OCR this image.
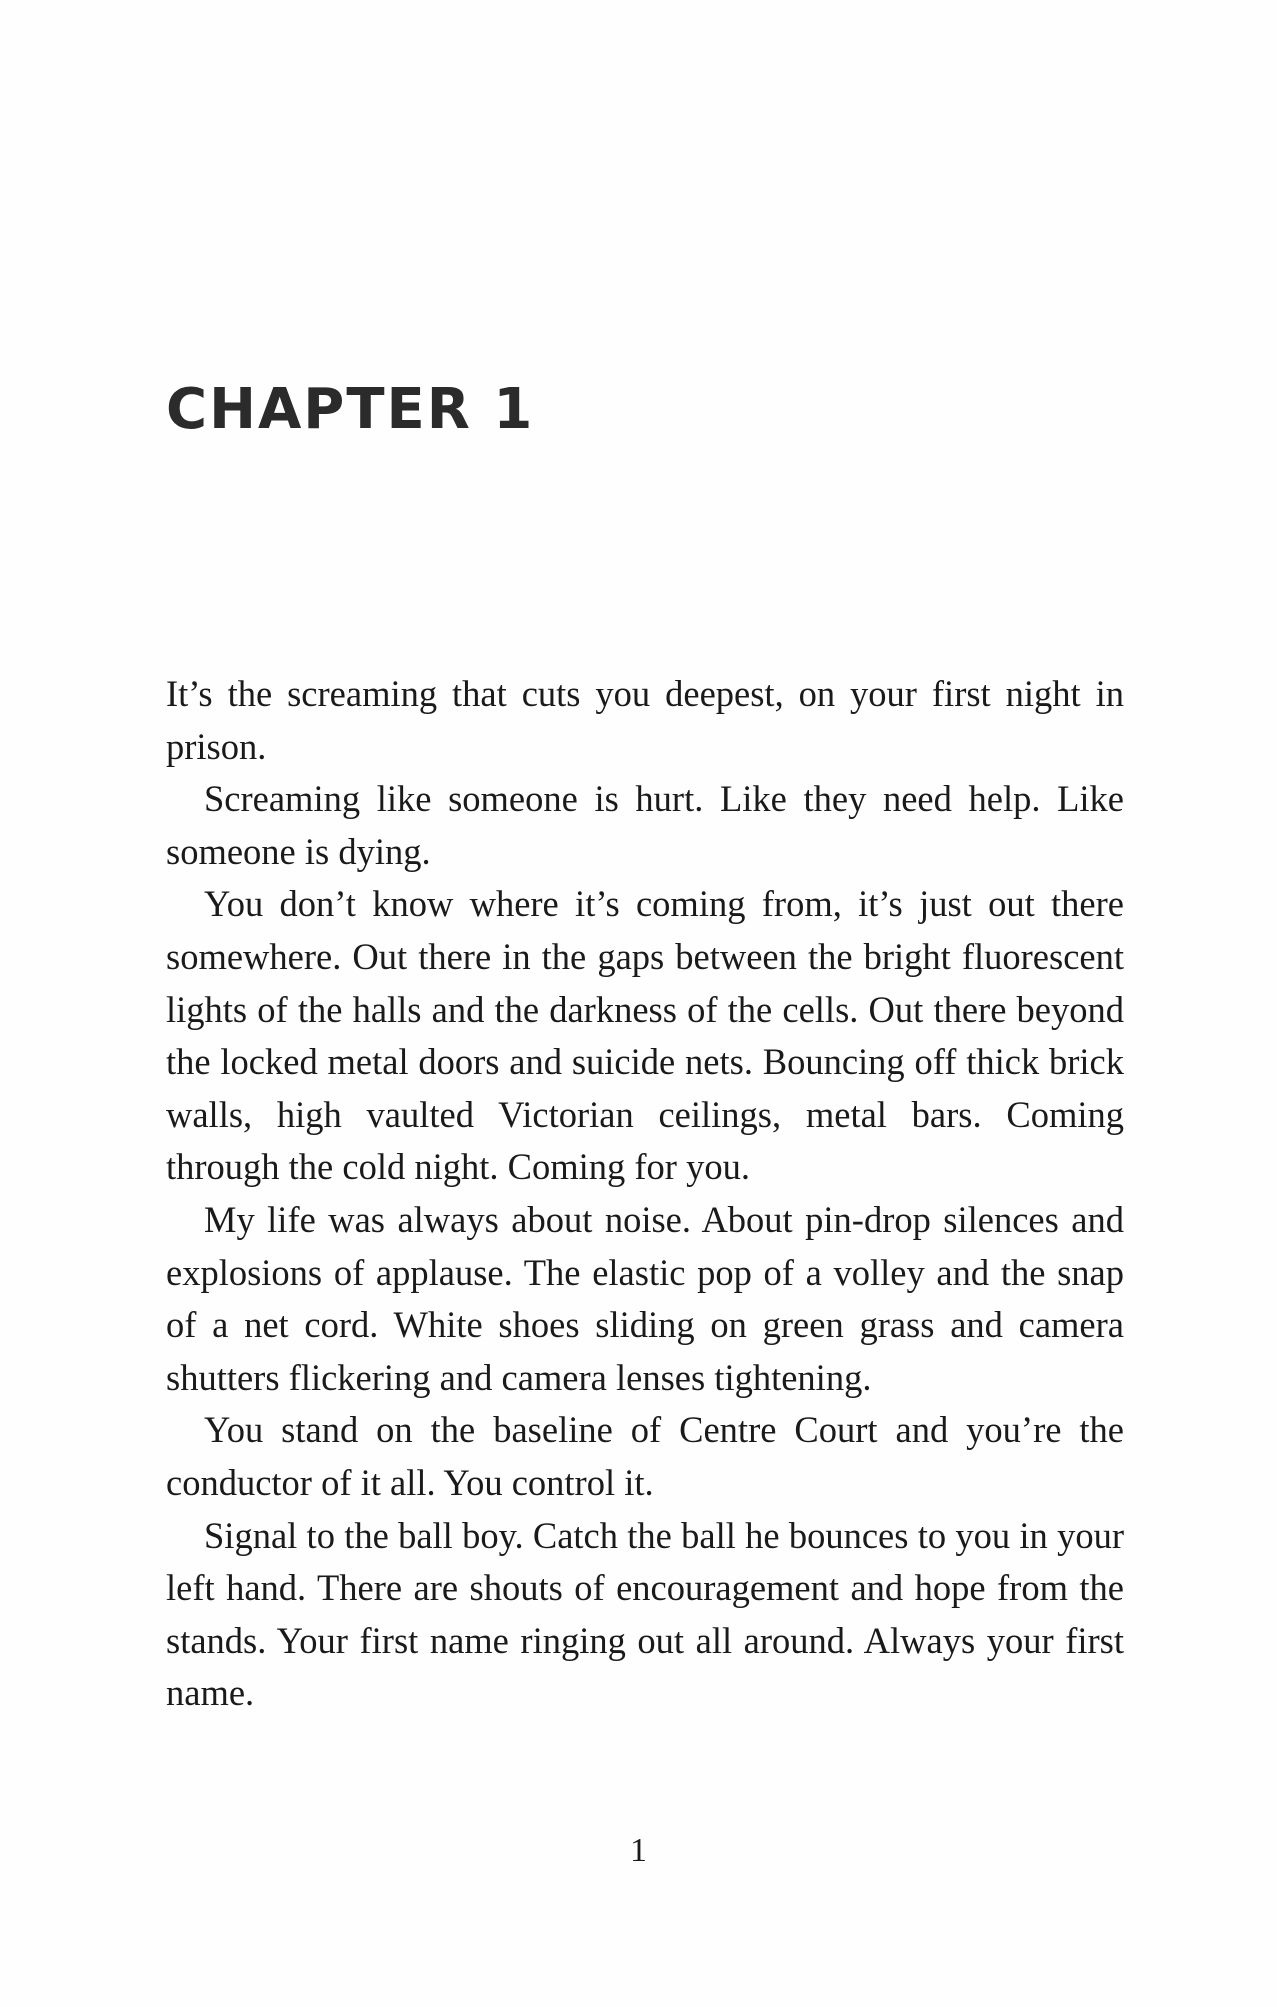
CHAPTER 1

It’s the screaming that cuts you deepest, on your first night in prison.

Screaming like someone is hurt. Like they need help. Like someone is dying.

You don’t know where it’s coming from, it’s just out there somewhere. Out there in the gaps between the bright fluorescent lights of the halls and the darkness of the cells. Out there beyond the locked metal doors and suicide nets. Bouncing off thick brick walls, high vaulted Victorian ceilings, metal bars. Coming through the cold night. Coming for you.

My life was always about noise. About pin-drop silences and explosions of applause. The elastic pop of a volley and the snap of a net cord. White shoes sliding on green grass and camera shutters flickering and camera lenses tightening.

You stand on the baseline of Centre Court and you’re the conductor of it all. You control it.

Signal to the ball boy. Catch the ball he bounces to you in your left hand. There are shouts of encouragement and hope from the stands. Your first name ringing out all around. Always your first name.

1
